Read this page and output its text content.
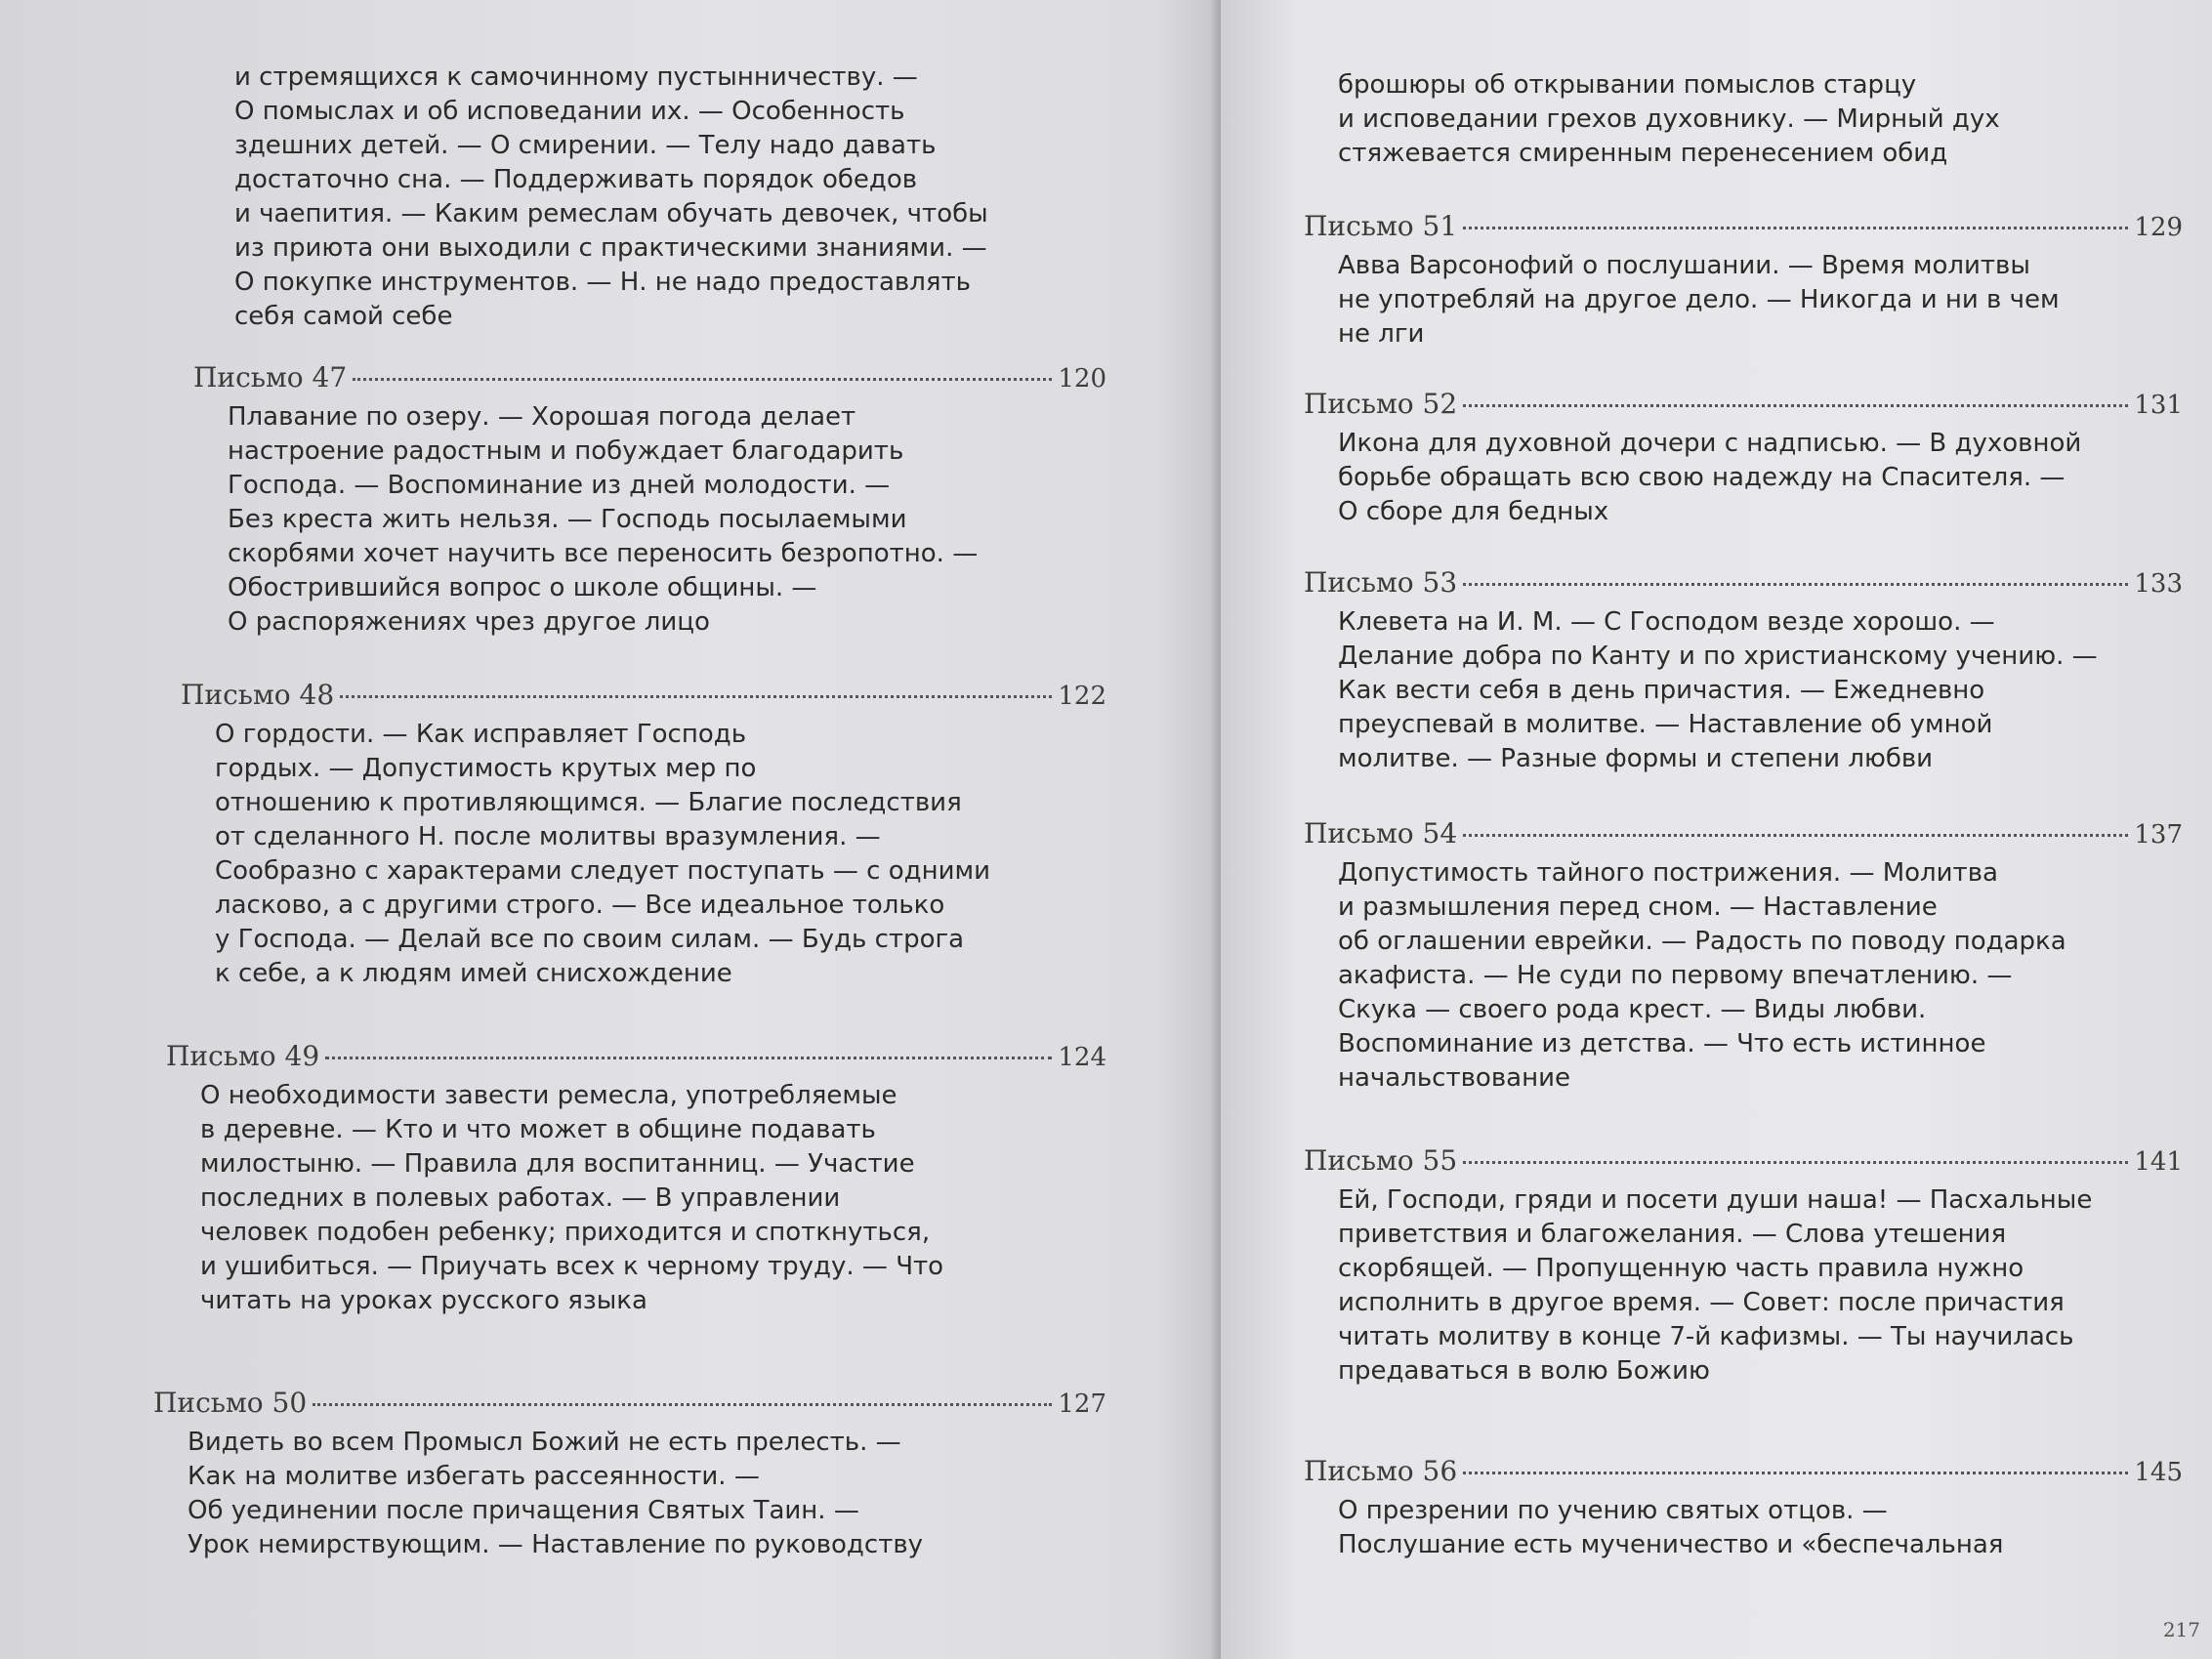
и стремящихся к самочинному пустынничеству. —
О помыслах и об исповедании их. — Особенность
здешних детей. — О смирении. — Телу надо давать
достаточно сна. — Поддерживать порядок обедов
и чаепития. — Каким ремеслам обучать девочек, чтобы
из приюта они выходили с практическими знаниями. —
О покупке инструментов. — Н. не надо предоставлять
себя самой себе
Письмо 47	120
Плавание по озеру. — Хорошая погода делает
настроение радостным и побуждает благодарить
Господа. — Воспоминание из дней молодости. —
Без креста жить нельзя. — Господь посылаемыми
скорбями хочет научить все переносить безропотно. —
Обострившийся вопрос о школе общины. —
О распоряжениях чрез другое лицо
Письмо 48	122
О гордости. — Как исправляет Господь
гордых. — Допустимость крутых мер по
отношению к противляющимся. — Благие последствия
от сделанного Н. после молитвы вразумления. —
Сообразно с характерами следует поступать — с одними
ласково, а с другими строго. — Все идеальное только
у Господа. — Делай все по своим силам. — Будь строга
к себе, а к людям имей снисхождение
Письмо 49	124
О необходимости завести ремесла, употребляемые
в деревне. — Кто и что может в общине подавать
милостыню. — Правила для воспитанниц. — Участие
последних в полевых работах. — В управлении
человек подобен ребенку; приходится и споткнуться,
и ушибиться. — Приучать всех к черному труду. — Что
читать на уроках русского языка
Письмо 50	127
Видеть во всем Промысл Божий не есть прелесть. —
Как на молитве избегать рассеянности. —
Об уединении после причащения Святых Таин. —
Урок немирствующим. — Наставление по руководству
брошюры об открывании помыслов старцу
и исповедании грехов духовнику. — Мирный дух
стяжевается смиренным перенесением обид
Письмо 51	129
Авва Варсонофий о послушании. — Время молитвы
не употребляй на другое дело. — Никогда и ни в чем
не лги
Письмо 52	131
Икона для духовной дочери с надписью. — В духовной
борьбе обращать всю свою надежду на Спасителя. —
О сборе для бедных
Письмо 53	133
Клевета на И. М. — С Господом везде хорошо. —
Делание добра по Канту и по христианскому учению. —
Как вести себя в день причастия. — Ежедневно
преуспевай в молитве. — Наставление об умной
молитве. — Разные формы и степени любви
Письмо 54	137
Допустимость тайного пострижения. — Молитва
и размышления перед сном. — Наставление
об оглашении еврейки. — Радость по поводу подарка
акафиста. — Не суди по первому впечатлению. —
Скука — своего рода крест. — Виды любви.
Воспоминание из детства. — Что есть истинное
начальствование
Письмо 55	141
Ей, Господи, гряди и посети души наша! — Пасхальные
приветствия и благожелания. — Слова утешения
скорбящей. — Пропущенную часть правила нужно
исполнить в другое время. — Совет: после причастия
читать молитву в конце 7-й кафизмы. — Ты научилась
предаваться в волю Божию
Письмо 56	145
О презрении по учению святых отцов. —
Послушание есть мученичество и «беспечальная
217
